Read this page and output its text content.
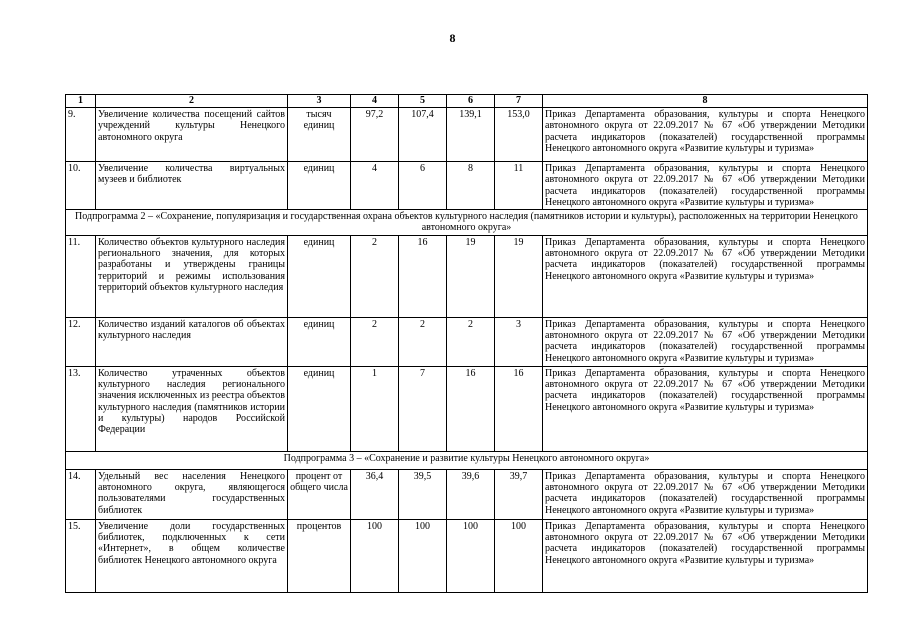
8
1	2	3	4	5	6	7	8
9.	Увеличение количества посещений сайтов учреждений культуры Ненецкого автономного округа	тысяч единиц	97,2	107,4	139,1	153,0	Приказ Департамента образования, культуры и спорта Ненецкого автономного округа от 22.09.2017 № 67 «Об утверждении Методики расчета индикаторов (показателей) государственной программы Ненецкого автономного округа «Развитие культуры и туризма»
10.	Увеличение количества виртуальных музеев и библиотек	единиц	4	6	8	11	Приказ Департамента образования, культуры и спорта Ненецкого автономного округа от 22.09.2017 № 67 «Об утверждении Методики расчета индикаторов (показателей) государственной программы Ненецкого автономного округа «Развитие культуры и туризма»
Подпрограмма 2 – «Сохранение, популяризация и государственная охрана объектов культурного наследия (памятников истории и культуры), расположенных на территории Ненецкого автономного округа»							
11.	Количество объектов культурного наследия регионального значения, для которых разработаны и утверждены границы территорий и режимы использования территорий объектов культурного наследия	единиц	2	16	19	19	Приказ Департамента образования, культуры и спорта Ненецкого автономного округа от 22.09.2017 № 67 «Об утверждении Методики расчета индикаторов (показателей) государственной программы Ненецкого автономного округа «Развитие культуры и туризма»
12.	Количество изданий каталогов об объектах культурного наследия	единиц	2	2	2	3	Приказ Департамента образования, культуры и спорта Ненецкого автономного округа от 22.09.2017 № 67 «Об утверждении Методики расчета индикаторов (показателей) государственной программы Ненецкого автономного округа «Развитие культуры и туризма»
13.	Количество утраченных объектов культурного наследия регионального значения исключенных из реестра объектов культурного наследия (памятников истории и культуры) народов Российской Федерации	единиц	1	7	16	16	Приказ Департамента образования, культуры и спорта Ненецкого автономного округа от 22.09.2017 № 67 «Об утверждении Методики расчета индикаторов (показателей) государственной программы Ненецкого автономного округа «Развитие культуры и туризма»
Подпрограмма 3 – «Сохранение и развитие культуры Ненецкого автономного округа»							
14.	Удельный вес населения Ненецкого автономного округа, являющегося пользователями государственных библиотек	процент от общего числа	36,4	39,5	39,6	39,7	Приказ Департамента образования, культуры и спорта Ненецкого автономного округа от 22.09.2017 № 67 «Об утверждении Методики расчета индикаторов (показателей) государственной программы Ненецкого автономного округа «Развитие культуры и туризма»
15.	Увеличение доли государственных библиотек, подключенных к сети «Интернет», в общем количестве библиотек Ненецкого автономного округа	процентов	100	100	100	100	Приказ Департамента образования, культуры и спорта Ненецкого автономного округа от 22.09.2017 № 67 «Об утверждении Методики расчета индикаторов (показателей) государственной программы Ненецкого автономного округа «Развитие культуры и туризма»
